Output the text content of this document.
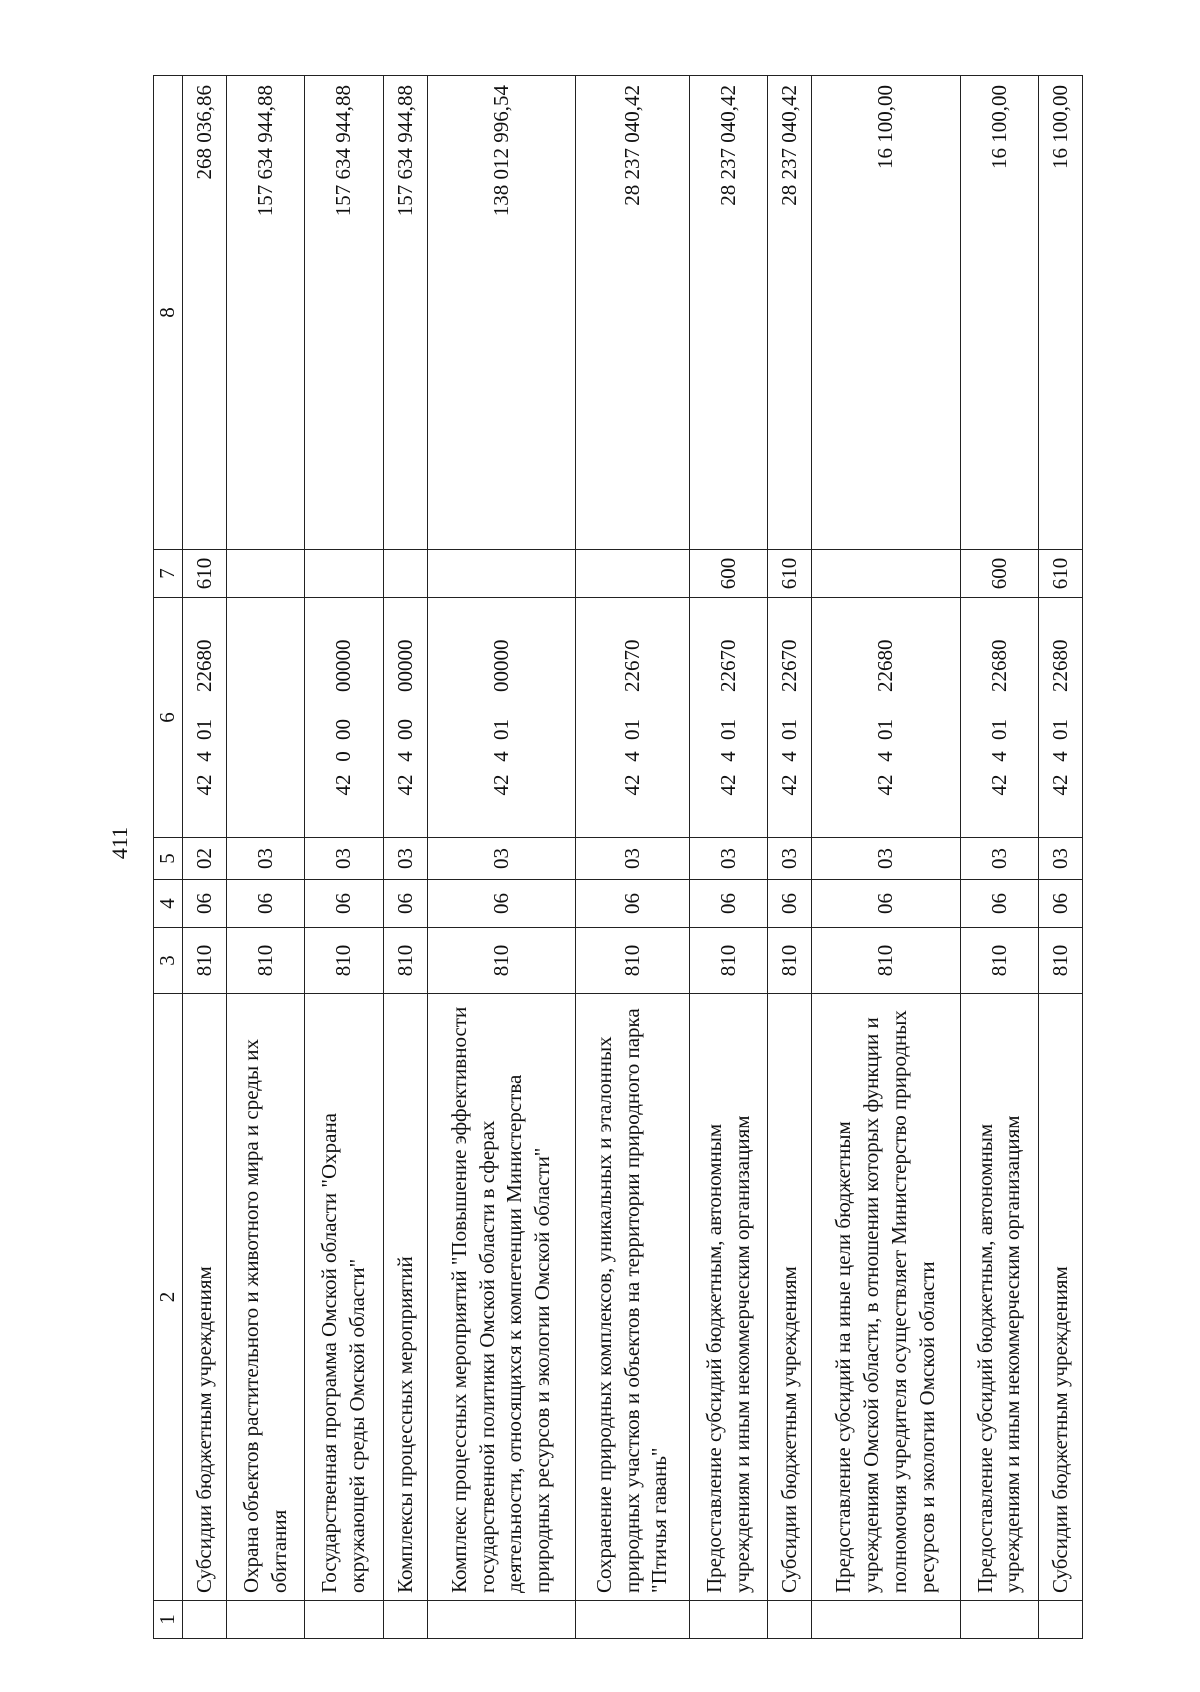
411
1	2	3	4	5	6	7	8
	Субсидии бюджетным учреждениям	810	06	02	4240122680	610	268 036,86
	Охрана объектов растительного и животного мира и среды их обитания	810	06	03			157 634 944,88
	Государственная программа Омской области "Охрана окружающей среды Омской области"	810	06	03	4200000000		157 634 944,88
	Комплексы процессных мероприятий	810	06	03	4240000000		157 634 944,88
	Комплекс процессных мероприятий "Повышение эффективности государственной политики Омской области в сферах деятельности, относящихся к компетенции Министерства природных ресурсов и экологии Омской области"	810	06	03	4240100000		138 012 996,54
	Сохранение природных комплексов, уникальных и эталонных природных участков и объектов на территории природного парка "Птичья гавань"	810	06	03	4240122670		28 237 040,42
	Предоставление субсидий бюджетным, автономным учреждениям и иным некоммерческим организациям	810	06	03	4240122670	600	28 237 040,42
	Субсидии бюджетным учреждениям	810	06	03	4240122670	610	28 237 040,42
	Предоставление субсидий на иные цели бюджетным учреждениям Омской области, в отношении которых функции и полномочия учредителя осуществляет Министерство природных ресурсов и экологии Омской области	810	06	03	4240122680		16 100,00
	Предоставление субсидий бюджетным, автономным учреждениям и иным некоммерческим организациям	810	06	03	4240122680	600	16 100,00
	Субсидии бюджетным учреждениям	810	06	03	4240122680	610	16 100,00
